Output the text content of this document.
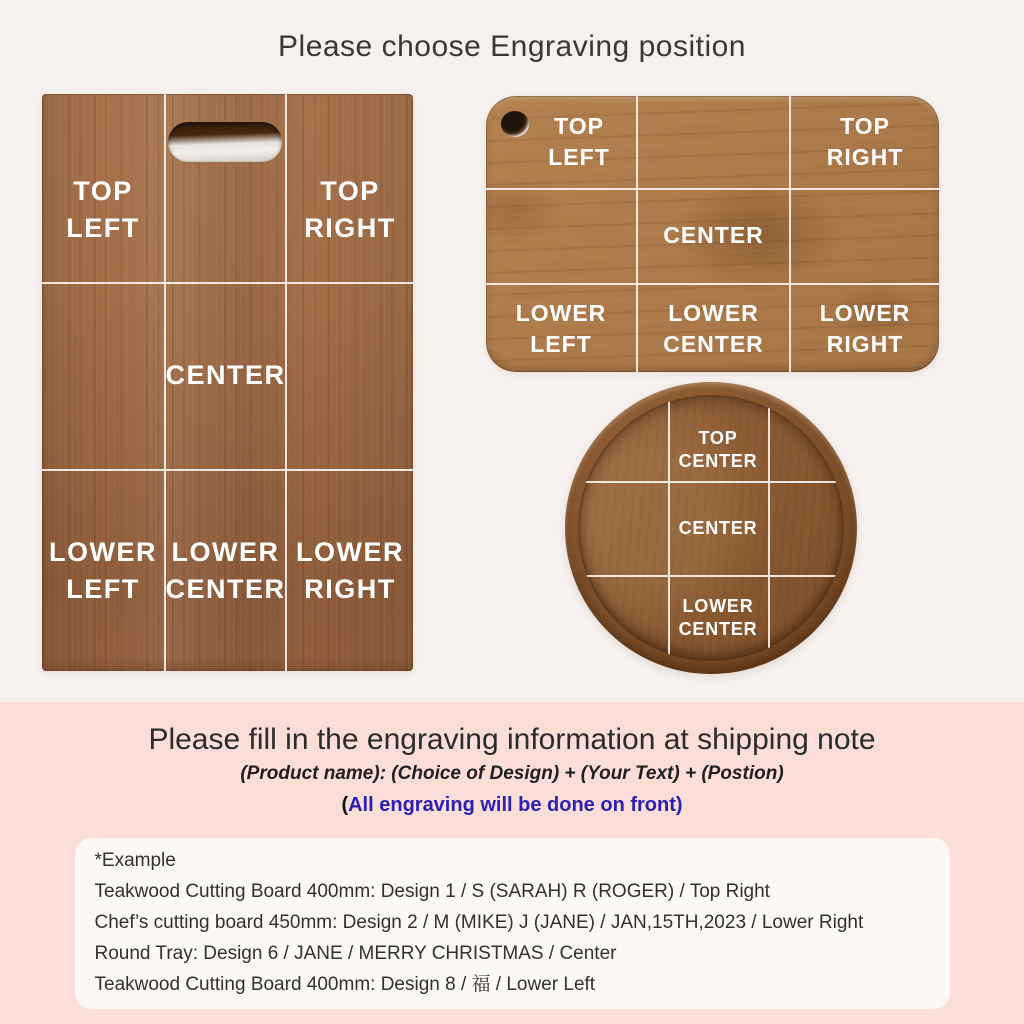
Please choose Engraving position
TOP
LEFT
TOP
RIGHT
CENTER
LOWER
LEFT
LOWER
CENTER
LOWER
RIGHT
TOP
LEFT
TOP
RIGHT
CENTER
LOWER
LEFT
LOWER
CENTER
LOWER
RIGHT
TOP
CENTER
CENTER
LOWER
CENTER
Please fill in the engraving information at shipping note
(Product name): (Choice of Design) + (Your Text) + (Postion)
(All engraving will be done on front)
*Example
Teakwood Cutting Board 400mm: Design 1 / S (SARAH) R (ROGER) / Top Right
Chef’s cutting board 450mm: Design 2 / M (MIKE) J (JANE) / JAN,15TH,2023 / Lower Right
Round Tray: Design 6 / JANE / MERRY CHRISTMAS / Center
Teakwood Cutting Board 400mm: Design 8 / 福 / Lower Left
